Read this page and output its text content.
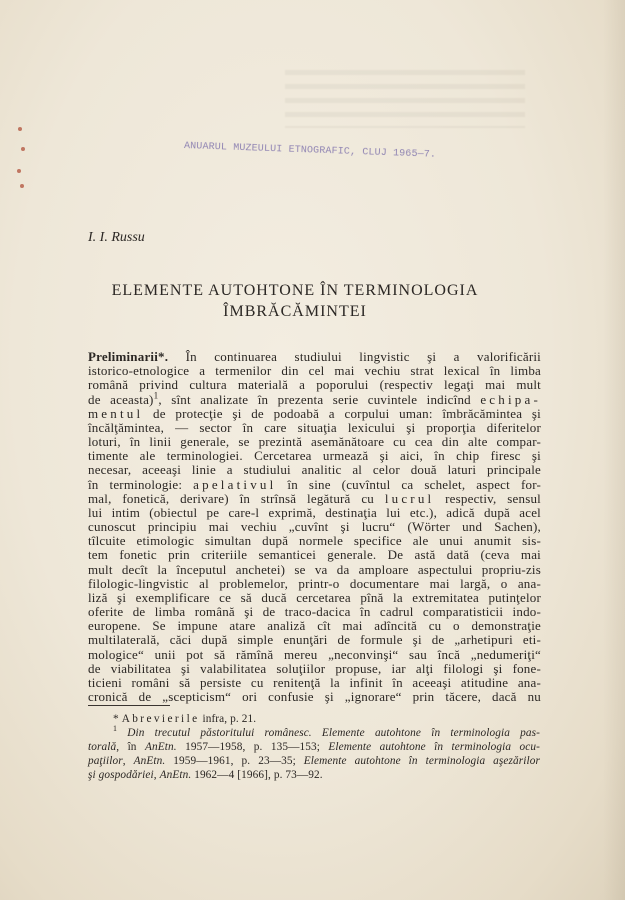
ANUARUL MUZEULUI ETNOGRAFIC, CLUJ 1965—7.
I. I. Russu
ELEMENTE AUTOHTONE ÎN TERMINOLOGIA
ÎMBRĂCĂMINTEI
Preliminarii*. În continuarea studiului lingvistic şi a valorificării
istorico-etnologice a termenilor din cel mai vechiu strat lexical în limba
română privind cultura materială a poporului (respectiv legaţi mai mult
de aceasta)$^1$, sînt analizate în prezenta serie cuvintele indicînd echipa-
mentul de protecţie şi de podoabă a corpului uman: îmbrăcămintea şi
încălţămintea, — sector în care situaţia lexicului şi proporţia diferitelor
loturi, în linii generale, se prezintă asemănătoare cu cea din alte compar-
timente ale terminologiei. Cercetarea urmează şi aici, în chip firesc şi
necesar, aceeaşi linie a studiului analitic al celor două laturi principale
în terminologie: apelativul în sine (cuvîntul ca schelet, aspect for-
mal, fonetică, derivare) în strînsă legătură cu lucrul respectiv, sensul
lui intim (obiectul pe care-l exprimă, destinaţia lui etc.), adică după acel
cunoscut principiu mai vechiu „cuvînt şi lucru“ (Wörter und Sachen),
tîlcuite etimologic simultan după normele specifice ale unui anumit sis-
tem fonetic prin criteriile semanticei generale. De astă dată (ceva mai
mult decît la începutul anchetei) se va da amploare aspectului propriu-zis
filologic-lingvistic al problemelor, printr-o documentare mai largă, o ana-
liză şi exemplificare ce să ducă cercetarea pînă la extremitatea putinţelor
oferite de limba română şi de traco-dacica în cadrul comparatisticii indo-
europene. Se impune atare analiză cît mai adîncită cu o demonstraţie
multilaterală, căci după simple enunţări de formule şi de „arhetipuri eti-
mologice“ unii pot să rămînă mereu „neconvinşi“ sau încă „nedumeriţi“
de viabilitatea şi valabilitatea soluţiilor propuse, iar alţi filologi şi fone-
ticieni români să persiste cu renitenţă la infinit în aceeaşi atitudine ana-
cronică de „scepticism“ ori confusie şi „ignorare“ prin tăcere, dacă nu
* Abrevierile infra, p. 21.
$^1$ Din trecutul păstoritului românesc. Elemente autohtone în terminologia pas-
torală, în AnEtn. 1957—1958, p. 135—153; Elemente autohtone în terminologia ocu-
paţiilor, AnEtn. 1959—1961, p. 23—35; Elemente autohtone în terminologia aşezărilor
şi gospodăriei, AnEtn. 1962—4 [1966], p. 73—92.
